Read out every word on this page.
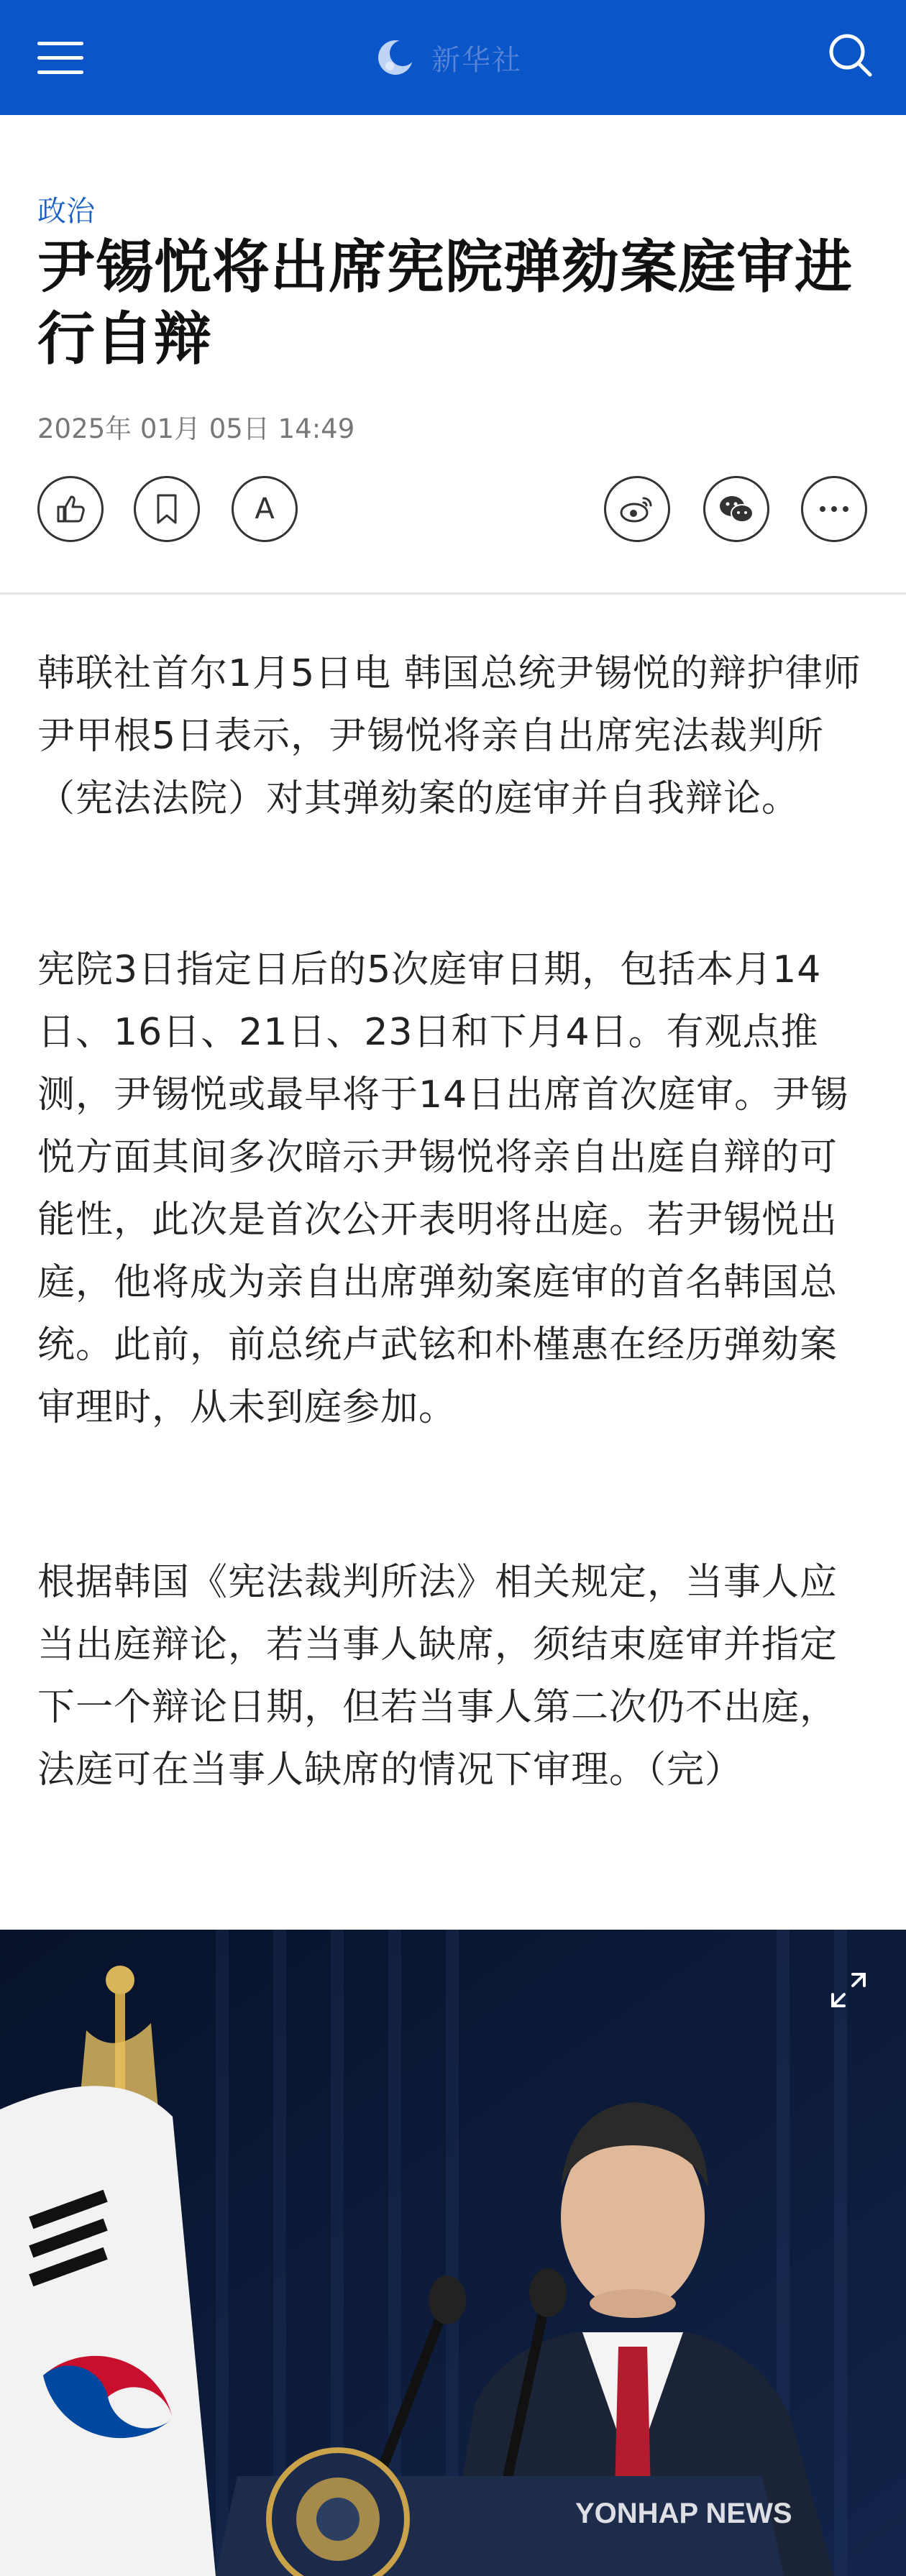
新华社
政治
尹锡悦将出席宪院弹劾案庭审进行自辩
2025年 01月 05日 14:49
A

韩联社首尔1月5日电 韩国总统尹锡悦的辩护律师尹甲根5日表示，尹锡悦将亲自出席宪法裁判所（宪法法院）对其弹劾案的庭审并自我辩论。

宪院3日指定日后的5次庭审日期，包括本月14日、16日、21日、23日和下月4日。有观点推测，尹锡悦或最早将于14日出席首次庭审。尹锡悦方面其间多次暗示尹锡悦将亲自出庭自辩的可能性，此次是首次公开表明将出庭。若尹锡悦出庭，他将成为亲自出席弹劾案庭审的首名韩国总统。此前，前总统卢武铉和朴槿惠在经历弹劾案审理时，从未到庭参加。

根据韩国《宪法裁判所法》相关规定，当事人应当出庭辩论，若当事人缺席，须结束庭审并指定下一个辩论日期，但若当事人第二次仍不出庭，法庭可在当事人缺席的情况下审理。（完）

YONHAP NEWS
